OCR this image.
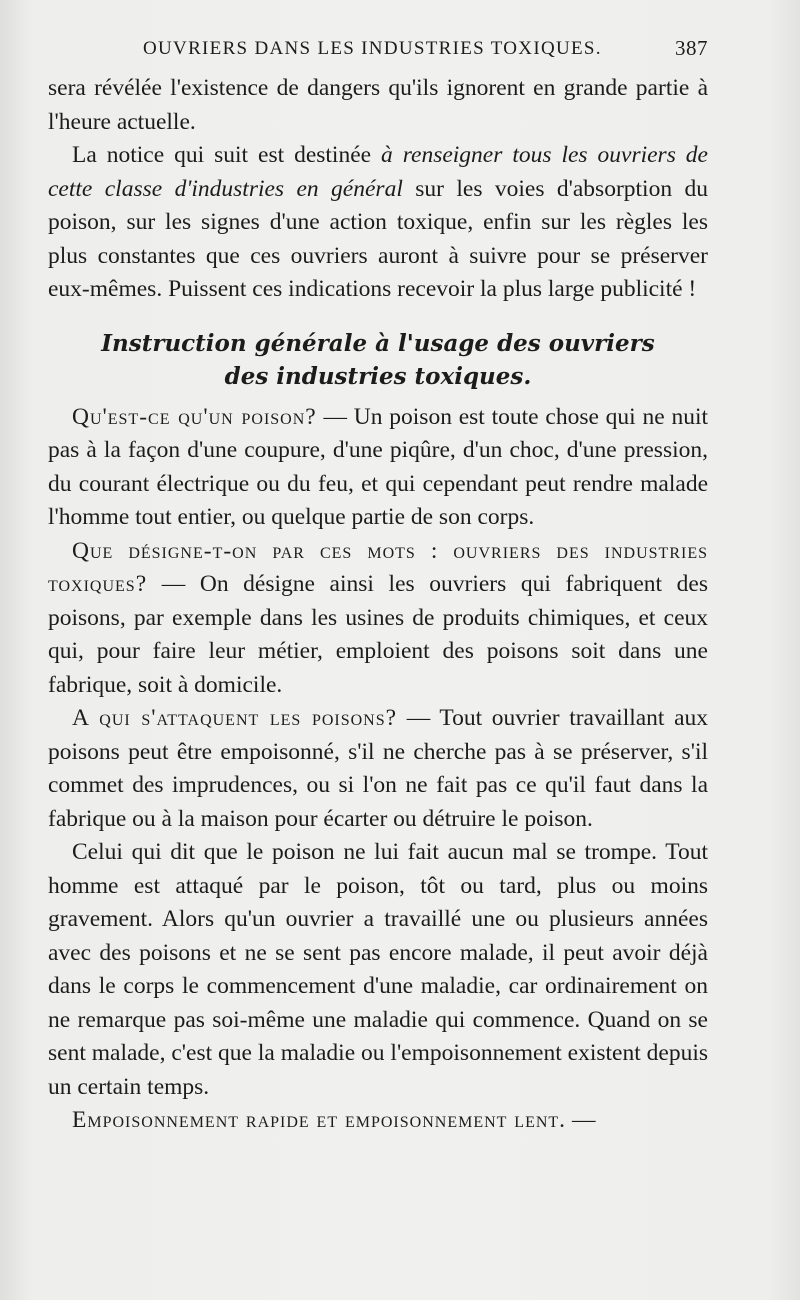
OUVRIERS DANS LES INDUSTRIES TOXIQUES.	387

sera révélée l'existence de dangers qu'ils ignorent en grande partie à l'heure actuelle.

La notice qui suit est destinée à renseigner tous les ouvriers de cette classe d'industries en général sur les voies d'absorption du poison, sur les signes d'une action toxique, enfin sur les règles les plus constantes que ces ouvriers auront à suivre pour se préserver eux-mêmes. Puissent ces indications recevoir la plus large publicité !

Instruction générale à l'usage des ouvriers
des industries toxiques.

Qu'est-ce qu'un poison? — Un poison est toute chose qui ne nuit pas à la façon d'une coupure, d'une piqûre, d'un choc, d'une pression, du courant électrique ou du feu, et qui cependant peut rendre malade l'homme tout entier, ou quelque partie de son corps.

Que désigne-t-on par ces mots : ouvriers des industries toxiques? — On désigne ainsi les ouvriers qui fabriquent des poisons, par exemple dans les usines de produits chimiques, et ceux qui, pour faire leur métier, emploient des poisons soit dans une fabrique, soit à domicile.

A qui s'attaquent les poisons? — Tout ouvrier travaillant aux poisons peut être empoisonné, s'il ne cherche pas à se préserver, s'il commet des imprudences, ou si l'on ne fait pas ce qu'il faut dans la fabrique ou à la maison pour écarter ou détruire le poison.

Celui qui dit que le poison ne lui fait aucun mal se trompe. Tout homme est attaqué par le poison, tôt ou tard, plus ou moins gravement. Alors qu'un ouvrier a travaillé une ou plusieurs années avec des poisons et ne se sent pas encore malade, il peut avoir déjà dans le corps le commencement d'une maladie, car ordinairement on ne remarque pas soi-même une maladie qui commence. Quand on se sent malade, c'est que la maladie ou l'empoisonnement existent depuis un certain temps.

Empoisonnement rapide et empoisonnement lent. —
